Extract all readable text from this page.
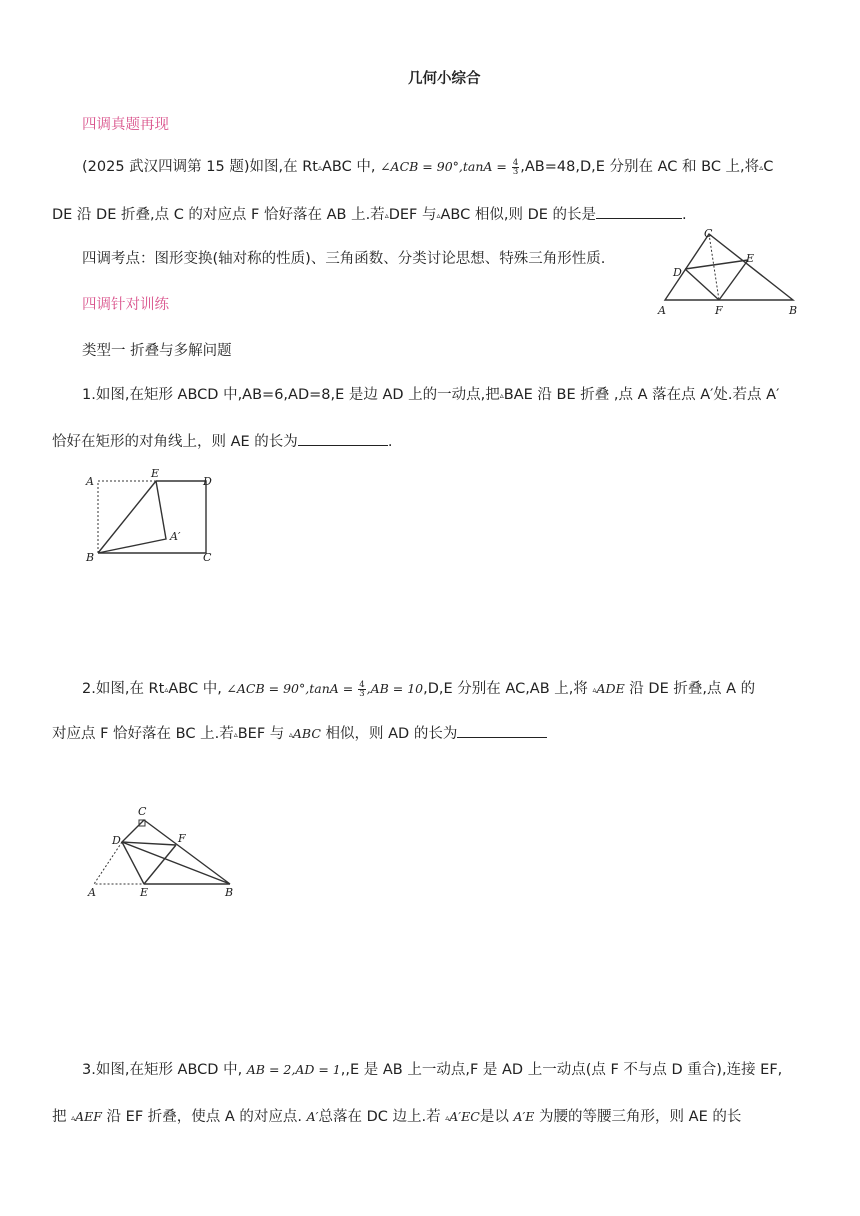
几何小综合
四调真题再现
(2025 武汉四调第 15 题)如图,在 Rt▵ABC 中, ∠ACB = $90^\circ,\tan A = \frac{4}{3} ,AB=48,D,E$ 分别在 AC 和 BC 上,将▵C
DE 沿 DE 折叠,点 C 的对应点 F 恰好落在 AB 上.若▵DEF 与▵ABC 相似,则 DE 的长是	.
四调考点：图形变换(轴对称的性质)、三角函数、分类讨论思想、特殊三角形性质.
C
D
E
A	F	B
四调针对训练
类型一 折叠与多解问题
1.如图,在矩形 ABCD 中,AB=6,AD=8,E 是边 AD 上的一动点,把▵BAE 沿 BE 折叠 ,点 A 落在点 A′处.若点 A′
恰好在矩形的对角线上，则 AE 的长为	.
A
E
D
A′
B	C
2.如图,在 Rt▵ABC 中, ∠ACB = $90^\circ,\tan A = \frac{4}{3} ,AB = 10,D,E$ 分别在 AC,AB 上,将 ▵ADE 沿 DE 折叠,点 A 的
对应点 F 恰好落在 BC 上.若▵BEF 与 ▵ABC 相似，则 AD 的长为
C
D	F
A	E	B
3.如图,在矩形 ABCD 中, AB = 2,AD = 1,,E 是 AB 上一动点,F 是 AD 上一动点(点 F 不与点 D 重合),连接 EF,
把 ▵AEF 沿 EF 折叠，使点 A 的对应点. A′总落在 DC 边上.若 ▵A′EC是以 A′E 为腰的等腰三角形，则 AE 的长
